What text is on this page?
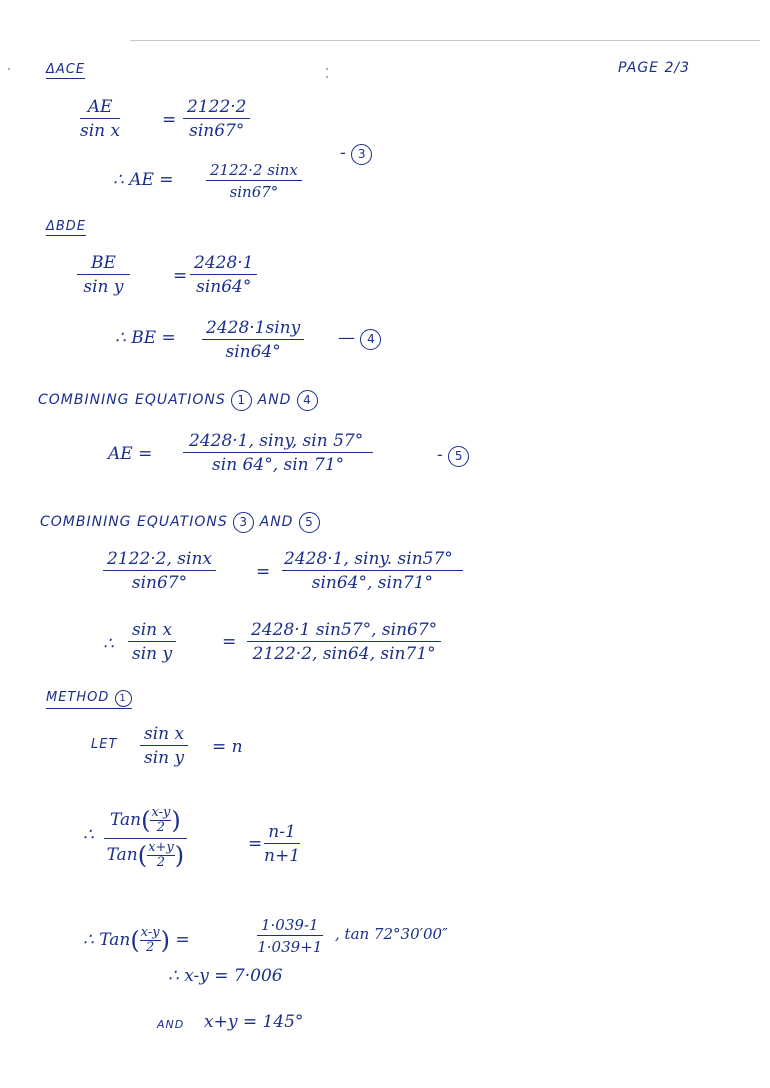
PAGE 2/3
ΔACE
$\frac{AE}{\text{sin x}} = \frac{2122\cdot 2}{\sin 67^\circ}$
- 3
∴ AE = $\frac{2122\cdot 2 \sin x}{\sin 67^\circ}$
ΔBDE
$\frac{BE}{\text{sin y}}$	= $\frac{2428\cdot 1}{\sin 64^\circ}$
∴ BE = $\frac{2428\cdot 1\sin y}{\sin 64^\circ}$ — 4
COMBINING EQUATIONS 1 AND 4
AE = $\frac{2428\cdot 1, \sin y, \sin 57^\circ}{\sin 64^\circ, \sin 71^\circ}$	- 5
COMBINING EQUATIONS 3 AND 5
$\frac{2122\cdot 2, \sin x}{\sin 67^\circ} = \frac{2428\cdot 1, \sin y. \sin 57^\circ}{\sin 64^\circ, \sin 71^\circ}$
∴ $\frac{\text{sin x}}{\text{sin y}}$	= $\frac{2428\cdot 1 \sin 57^\circ, \sin 67^\circ}{2122\cdot 2, \sin 64, \sin 71^\circ}$
METHOD 1
LET $\frac{\text{sin x}}{\text{sin y}} = n$
∴
$Tan( \frac{x-y}{2}$ )
$Tan( \frac{x+y}{2}$ )	= $\frac{n-1}{n+1}$
∴ $Tan( \frac{x-y}{2}$ ) =	$\frac{1\cdot 039-1}{1\cdot 039+1}$ , tan 72°30′00″
∴ x-y = 7·006
AND x+y = 145°
